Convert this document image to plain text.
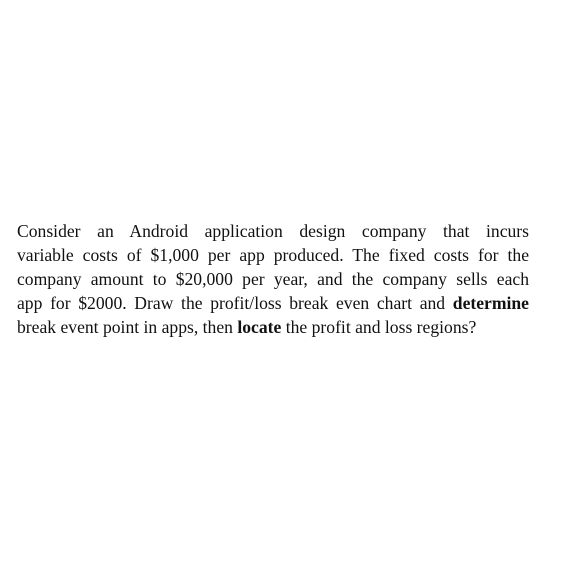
Consider an Android application design company that incurs
variable costs of $1,000 per app produced. The fixed costs for the
company amount to $20,000 per year, and the company sells each
app for $2000. Draw the profit/loss break even chart and determine
break event point in apps, then locate the profit and loss regions?
